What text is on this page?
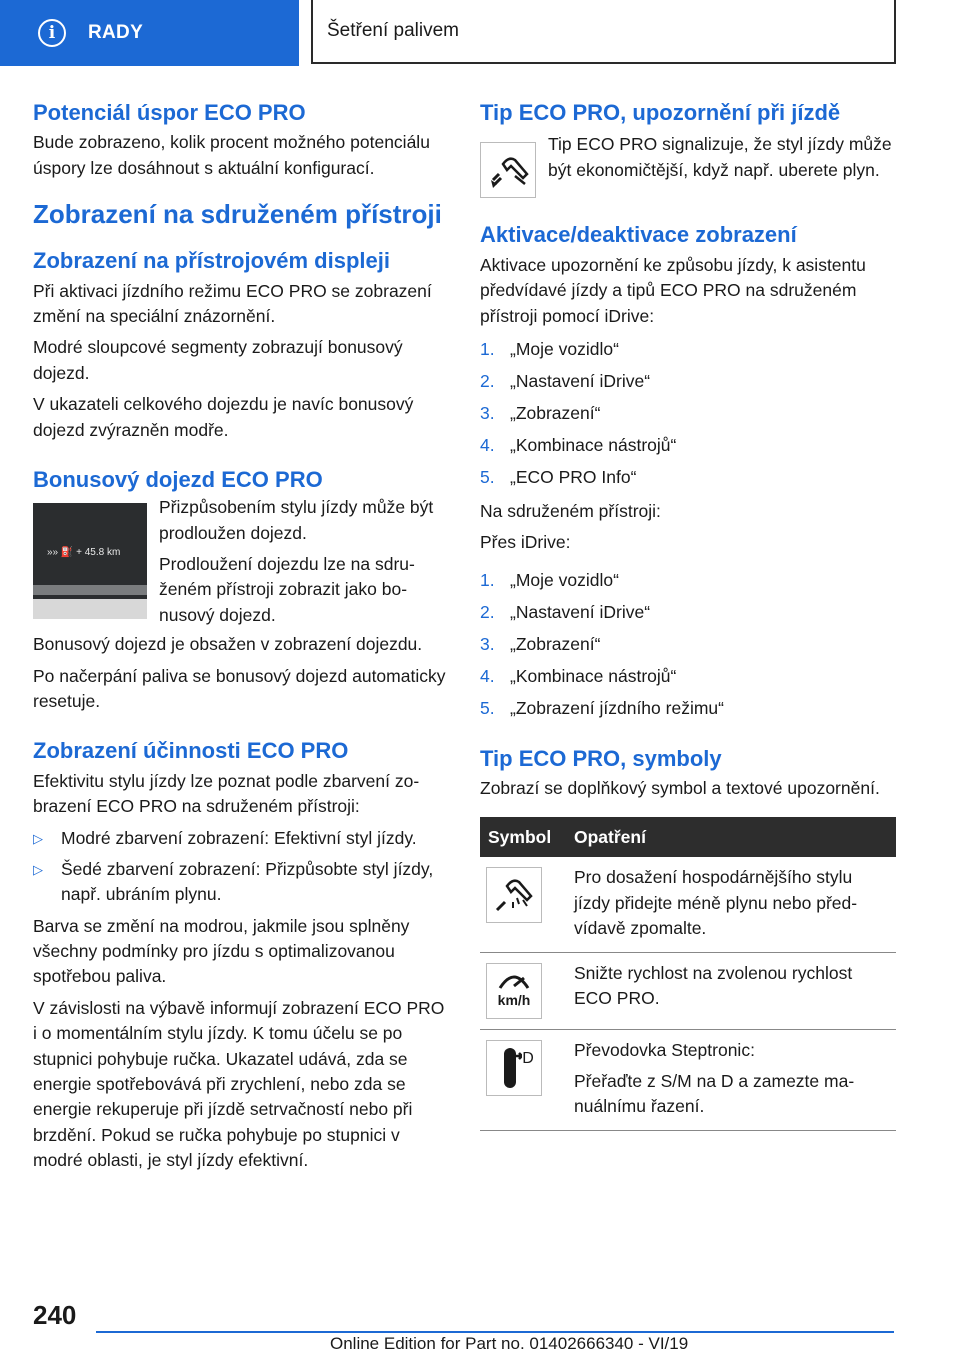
i	RADY	Šetření palivem
Potenciál úspor ECO PRO

Bude zobrazeno, kolik procent možného potenciálu úspory lze dosáhnout s aktuální konfigurací.

Zobrazení na sdruženém přístroji
Zobrazení na přístrojovém displeji

Při aktivaci jízdního režimu ECO PRO se zobrazení změní na speciální znázornění.

Modré sloupcové segmenty zobrazují bonusový dojezd.

V ukazateli celkového dojezdu je navíc bonusový dojezd zvýrazněn modře.

Bonusový dojezd ECO PRO
»» ⛽ + 45.8 km

Přizpůsobením stylu jízdy může být prodloužen dojezd.

Prodloužení dojezdu lze na sdruženém přístroji zobrazit jako bonusový dojezd.

Bonusový dojezd je obsažen v zobrazení dojezdu.

Po načerpání paliva se bonusový dojezd automaticky resetuje.

Zobrazení účinnosti ECO PRO

Efektivitu stylu jízdy lze poznat podle zbarvení zobrazení ECO PRO na sdruženém přístroji:

▷	Modré zbarvení zobrazení: Efektivní styl jízdy.
▷	Šedé zbarvení zobrazení: Přizpůsobte styl jízdy, např. ubráním plynu.

Barva se změní na modrou, jakmile jsou splněny všechny podmínky pro jízdu s optimalizovanou spotřebou paliva.

V závislosti na výbavě informují zobrazení ECO PRO i o momentálním stylu jízdy. K tomu účelu se po stupnici pohybuje ručka. Ukazatel udává, zda se energie spotřebovává při zrychlení, nebo zda se energie rekuperuje při jízdě setrvačností nebo při brzdění. Pokud se ručka pohybuje po stupnici v modré oblasti, je styl jízdy efektivní.

Tip ECO PRO, upozornění při jízdě

Tip ECO PRO signalizuje, že styl jízdy může být ekonomičtější, když např. uberete plyn.

Aktivace/deaktivace zobrazení

Aktivace upozornění ke způsobu jízdy, k asistentu předvídavé jízdy a tipů ECO PRO na sdruženém přístroji pomocí iDrive:

1. „Moje vozidlo“
2. „Nastavení iDrive“
3. „Zobrazení“
4. „Kombinace nástrojů“
5. „ECO PRO Info“

Na sdruženém přístroji:

Přes iDrive:

1. „Moje vozidlo“
2. „Nastavení iDrive“
3. „Zobrazení“
4. „Kombinace nástrojů“
5. „Zobrazení jízdního režimu“
Tip ECO PRO, symboly

Zobrazí se doplňkový symbol a textové upozornění.

Symbol	Opatření

	Pro dosažení hospodárnějšího stylu jízdy přidejte méně plynu nebo předvídavě zpomalte.

km/h	Snižte rychlost na zvolenou rychlost ECO PRO.

D	Převodovka Steptronic:
Přeřaďte z S/M na D a zamezte manuálnímu řazení.
240
Online Edition for Part no. 01402666340 - VI/19
